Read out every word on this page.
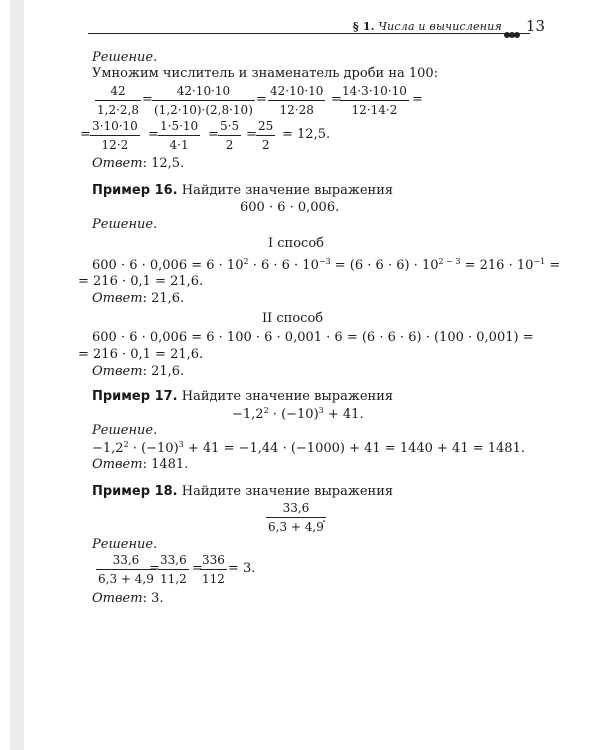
§ 1. Числа и вычисления 13
Решение.
Умножим числитель и знаменатель дроби на 100:
$\frac{42}{1,2\cdot 2,8} = \frac{42\cdot 10\cdot 10}{(1,2\cdot 10)\cdot(2,8\cdot 10)} = \frac{42\cdot 10\cdot 10}{12\cdot 28}$ =
$\frac{14\cdot 3\cdot 10\cdot 10}{12\cdot 14\cdot 2}$ =
= $\frac{3\cdot 10\cdot 10}{12\cdot 2} = \frac{1\cdot 5\cdot 10}{4\cdot 1} = \frac{5\cdot 5}{2} = \frac{25}{2} = 12,5$.
Ответ: 12,5.
Пример 16. Найдите значение выражения
600 · 6 · 0,006.
Решение.
I способ
$600 \cdot 6 \cdot 0,006 = 6 \cdot 10^2 \cdot 6 \cdot 6 \cdot 10^{-3} = (6 \cdot 6 \cdot 6) \cdot 10^{2 - 3} = 216 \cdot 10^{-1}$ =
= 216 · 0,1 = 21,6.
Ответ: 21,6.
II способ
600 · 6 · 0,006 = 6 · 100 · 6 · 0,001 · 6 = (6 · 6 · 6) · (100 · 0,001) =
= 216 · 0,1 = 21,6.
Ответ: 21,6.
Пример 17. Найдите значение выражения
$-1,2^2 \cdot (-10)^3 + 41$.
Решение.
$-1,2^2 \cdot (-10)^3 + 41 = -1,44 \cdot (-1000) + 41 = 1440 + 41 = 1481$.
Ответ: 1481.
Пример 18. Найдите значение выражения
$\frac{33,6}{6,3 + 4,9}$
.
Решение.
$\frac{33,6}{6,3 + 4,9}$
=
$\frac{33,6}{11,2}$ =
$\frac{336}{112} = 3$.
Ответ: 3.
